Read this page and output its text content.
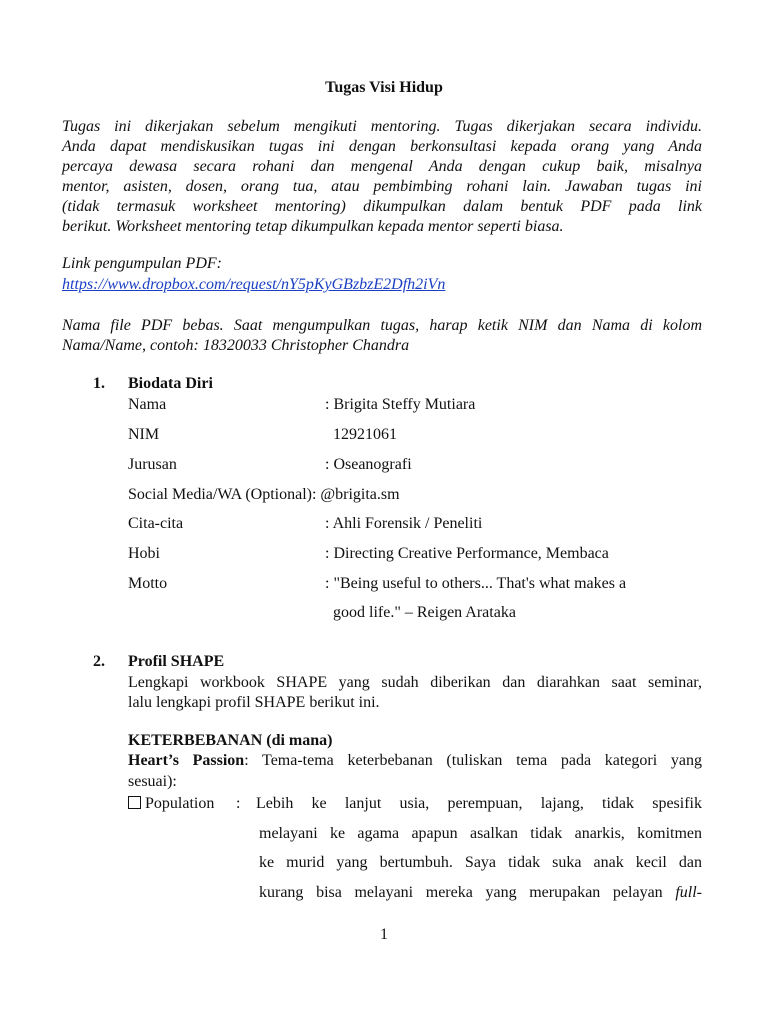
Tugas Visi Hidup
Tugas ini dikerjakan sebelum mengikuti mentoring. Tugas dikerjakan secara individu.
Anda dapat mendiskusikan tugas ini dengan berkonsultasi kepada orang yang Anda
percaya dewasa secara rohani dan mengenal Anda dengan cukup baik, misalnya
mentor, asisten, dosen, orang tua, atau pembimbing rohani lain. Jawaban tugas ini
(tidak termasuk worksheet mentoring) dikumpulkan dalam bentuk PDF pada link
berikut. Worksheet mentoring tetap dikumpulkan kepada mentor seperti biasa.
Link pengumpulan PDF:
https://www.dropbox.com/request/nY5pKyGBzbzE2Dfh2iVn
Nama file PDF bebas. Saat mengumpulkan tugas, harap ketik NIM dan Nama di kolom
Nama/Name, contoh: 18320033 Christopher Chandra
1. Biodata Diri
Nama	: Brigita Steffy Mutiara
NIM	12921061
Jurusan	: Oseanografi
Social Media/WA (Optional): @brigita.sm
Cita-cita	: Ahli Forensik / Peneliti
Hobi	: Directing Creative Performance, Membaca
Motto	: "Being useful to others... That's what makes a
good life." – Reigen Arataka
2. Profil SHAPE
Lengkapi workbook SHAPE yang sudah diberikan dan diarahkan saat seminar,
lalu lengkapi profil SHAPE berikut ini.
KETERBEBANAN (di mana)
Heart’s Passion: Tema-tema keterbebanan (tuliskan tema pada kategori yang
sesuai):
Population : Lebih ke lanjut usia, perempuan, lajang, tidak spesifik
melayani ke agama apapun asalkan tidak anarkis, komitmen
ke murid yang bertumbuh. Saya tidak suka anak kecil dan
kurang bisa melayani mereka yang merupakan pelayan full-
1
